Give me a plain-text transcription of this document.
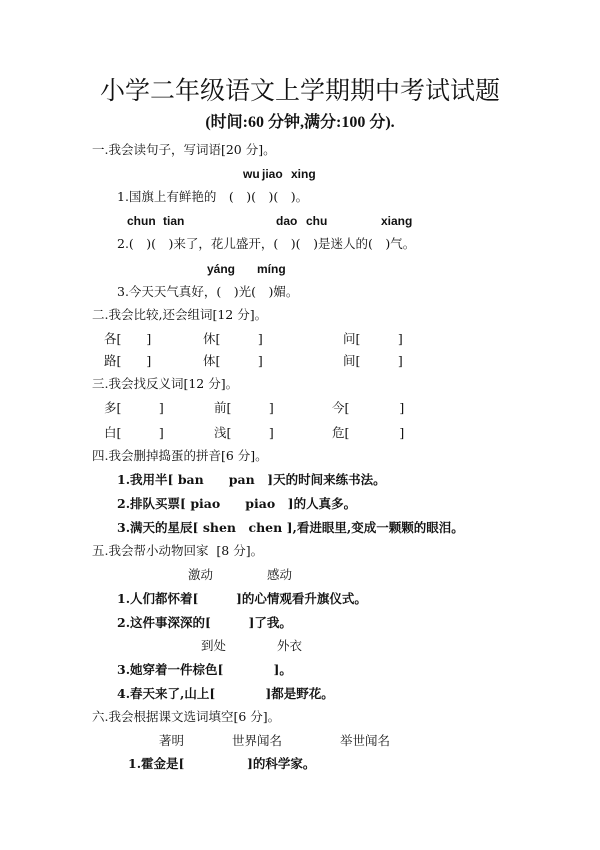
小学二年级语文上学期期中考试试题
(时间:60 分钟,满分:100 分).
一.我会读句子，写词语[20 分]。
wu jiao xing
1.国旗上有鲜艳的　(　)(　)(　)。
chun tian	dao chu	xiang
2.(　)(　)来了，花儿盛开，(　)(　)是迷人的(　)气。
yáng míng
3.今天天气真好，(　)光(　)媚。
二.我会比较,还会组词[12 分]。
各[　　]	休[　　　]	问[　　　]
路[　　]	体[　　　]	间[　　　]
三.我会找反义词[12 分]。
多[　　　]	前[　　　]	今[　　　　]
白[　　　]	浅[　　　]	危[　　　　]
四.我会删掉捣蛋的拼音[6 分]。
1.我用半[ ban　　pan　]天的时间来练书法。
2.排队买票[ piao　　piao　]的人真多。
3.满天的星辰[ shen　chen ],看进眼里,变成一颗颗的眼泪。
五.我会帮小动物回家  [8 分]。
激动	感动
1.人们都怀着[　　　]的心情观看升旗仪式。
2.这件事深深的[　　　]了我。
到处	外衣
3.她穿着一件棕色[　　　　]。
4.春天来了,山上[　　　　]都是野花。
六.我会根据课文选词填空[6 分]。
著明	世界闻名	举世闻名
1.霍金是[　　　　　]的科学家。
